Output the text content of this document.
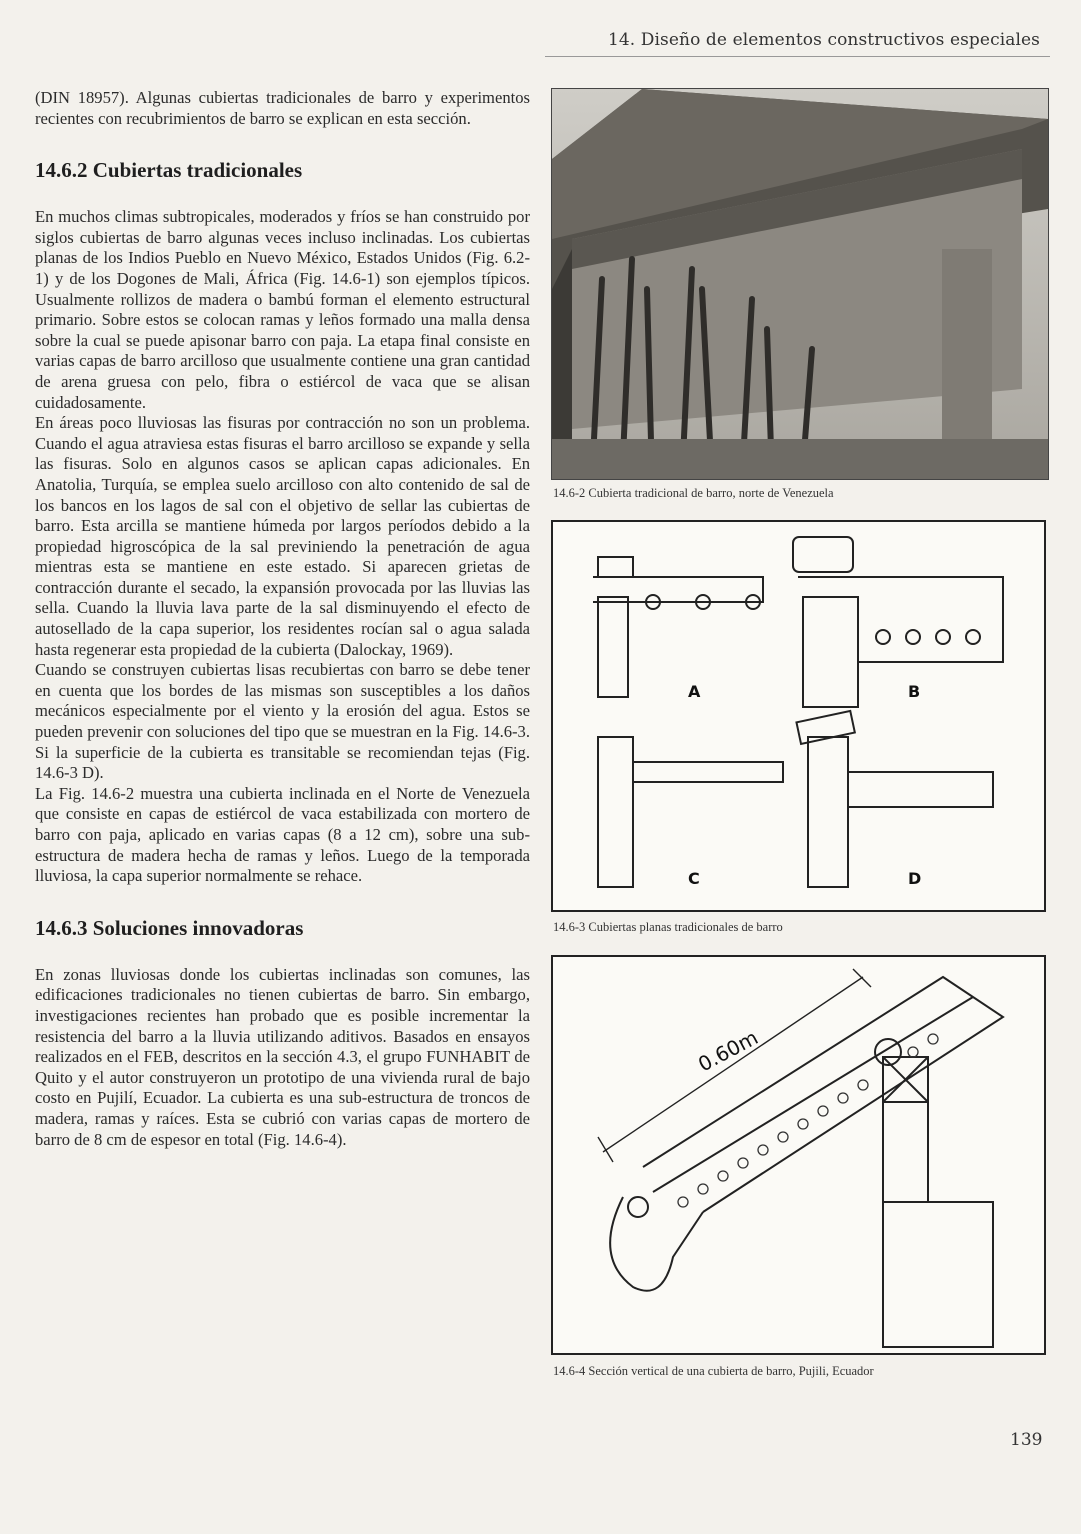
14. Diseño de elementos constructivos especiales

(DIN 18957). Algunas cubiertas tradicionales de barro y experimentos recientes con recubrimientos de barro se explican en esta sección.

14.6.2 Cubiertas tradicionales

En muchos climas subtropicales, moderados y fríos se han construido por siglos cubiertas de barro algunas veces incluso inclinadas. Los cubiertas planas de los Indios Pueblo en Nuevo México, Estados Unidos (Fig. 6.2-1) y de los Dogones de Mali, África (Fig. 14.6-1) son ejemplos típicos. Usualmente rollizos de madera o bambú forman el elemento estructural primario. Sobre estos se colocan ramas y leños formado una malla densa sobre la cual se puede apisonar barro con paja. La etapa final consiste en varias capas de barro arcilloso que usualmente contiene una gran cantidad de arena gruesa con pelo, fibra o estiércol de vaca que se alisan cuidadosamente.

En áreas poco lluviosas las fisuras por contracción no son un problema. Cuando el agua atraviesa estas fisuras el barro arcilloso se expande y sella las fisuras. Solo en algunos casos se aplican capas adicionales. En Anatolia, Turquía, se emplea suelo arcilloso con alto contenido de sal de los bancos en los lagos de sal con el objetivo de sellar las cubiertas de barro. Esta arcilla se mantiene húmeda por largos períodos debido a la propiedad higroscópica de la sal previniendo la penetración de agua mientras esta se mantiene en este estado. Si aparecen grietas de contracción durante el secado, la expansión provocada por las lluvias las sella. Cuando la lluvia lava parte de la sal disminuyendo el efecto de autosellado de la capa superior, los residentes rocían sal o agua salada hasta regenerar esta propiedad de la cubierta (Dalockay, 1969).

Cuando se construyen cubiertas lisas recubiertas con barro se debe tener en cuenta que los bordes de las mismas son susceptibles a los daños mecánicos especialmente por el viento y la erosión del agua. Estos se pueden prevenir con soluciones del tipo que se muestran en la Fig. 14.6-3. Si la superficie de la cubierta es transitable se recomiendan tejas (Fig. 14.6-3 D).

La Fig. 14.6-2 muestra una cubierta inclinada en el Norte de Venezuela que consiste en capas de estiércol de vaca estabilizada con mortero de barro con paja, aplicado en varias capas (8 a 12 cm), sobre una sub-estructura de madera hecha de ramas y leños. Luego de la temporada lluviosa, la capa superior normalmente se rehace.

14.6.3 Soluciones innovadoras

En zonas lluviosas donde los cubiertas inclinadas son comunes, las edificaciones tradicionales no tienen cubiertas de barro. Sin embargo, investigaciones recientes han probado que es posible incrementar la resistencia del barro a la lluvia utilizando aditivos. Basados en ensayos realizados en el FEB, descritos en la sección 4.3, el grupo FUNHABIT de Quito y el autor construyeron un prototipo de una vivienda rural de bajo costo en Pujilí, Ecuador. La cubierta es una sub-estructura de troncos de madera, ramas y raíces. Esta se cubrió con varias capas de mortero de barro de 8 cm de espesor en total (Fig. 14.6-4).

14.6-2 Cubierta tradicional de barro, norte de Venezuela
A	B
C	D
14.6-3 Cubiertas planas tradicionales de barro
0.60m
14.6-4 Sección vertical de una cubierta de barro, Pujili, Ecuador
139
